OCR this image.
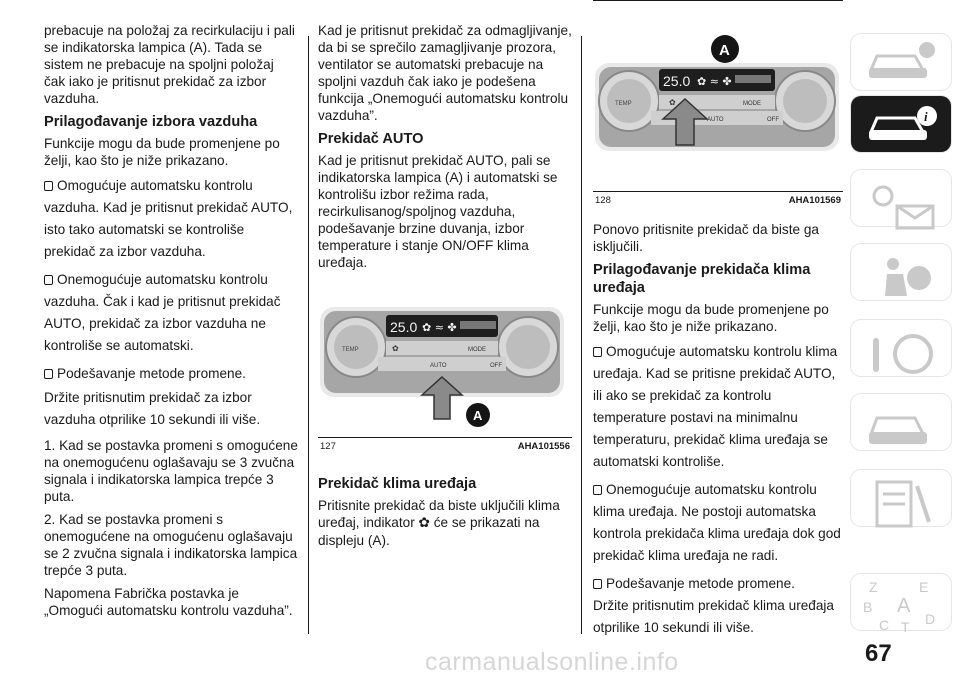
prebacuje na položaj za recirkulaciju i pali se indikatorska lampica (A). Tada se sistem ne prebacuje na spoljni položaj čak iako je pritisnut prekidač za izbor vazduha.

Prilagođavanje izbora vazduha

Funkcije mogu da bude promenjene po želji, kao što je niže prikazano.

Omogućuje automatsku kontrolu vazduha. Kad je pritisnut prekidač AUTO, isto tako automatski se kontroliše prekidač za izbor vazduha.

Onemogućuje automatsku kontrolu vazduha. Čak i kad je pritisnut prekidač AUTO, prekidač za izbor vazduha ne kontroliše se automatski.

Podešavanje metode promene.

Držite pritisnutim prekidač za izbor vazduha otprilike 10 sekundi ili više.

1. Kad se postavka promeni s omogućene na onemogućenu oglašavaju se 3 zvučna signala i indikatorska lampica trepće 3 puta.

2. Kad se postavka promeni s onemogućene na omogućenu oglašavaju se 2 zvučna signala i indikatorska lampica trepće 3 puta.

Napomena Fabrička postavka je „Omogući automatsku kontrolu vazduha”.

Kad je pritisnut prekidač za odmagljivanje, da bi se sprečilo zamagljivanje prozora, ventilator se automatski prebacuje na spoljni vazduh čak iako je podešena funkcija „Onemogući automatsku kontrolu vazduha”.

Prekidač AUTO

Kad je pritisnut prekidač AUTO, pali se indikatorska lampica (A) i automatski se kontrolišu izbor režima rada, recirkulisanog/spoljnog vazduha, podešavanje brzine duvanja, izbor temperature i stanje ON/OFF klima uređaja.

25.0 ✿ ≈ ✤
TEMP	✿	MODE
AUTO	OFF
A
127	AHA101556
Prekidač klima uređaja

Pritisnite prekidač da biste uključili klima uređaj, indikator ✿ će se prikazati na displeju (A).

A
25.0 ✿ ≈ ✤
TEMP	✿	MODE
AUTO	OFF
128	AHA101569

Ponovo pritisnite prekidač da biste ga isključili.

Prilagođavanje prekidača klima uređaja

Funkcije mogu da bude promenjene po želji, kao što je niže prikazano.

Omogućuje automatsku kontrolu klima uređaja. Kad se pritisne prekidač AUTO, ili ako se prekidač za kontrolu temperature postavi na minimalnu temperaturu, prekidač klima uređaja se automatski kontroliše.

Onemogućuje automatsku kontrolu klima uređaja. Ne postoji automatska kontrola prekidača klima uređaja dok god prekidač klima uređaja ne radi.

Podešavanje metode promene.

Držite pritisnutim prekidač klima uređaja otprilike 10 sekundi ili više.

i
Z	E
B A
C T D
67
carmanualsonline.info
